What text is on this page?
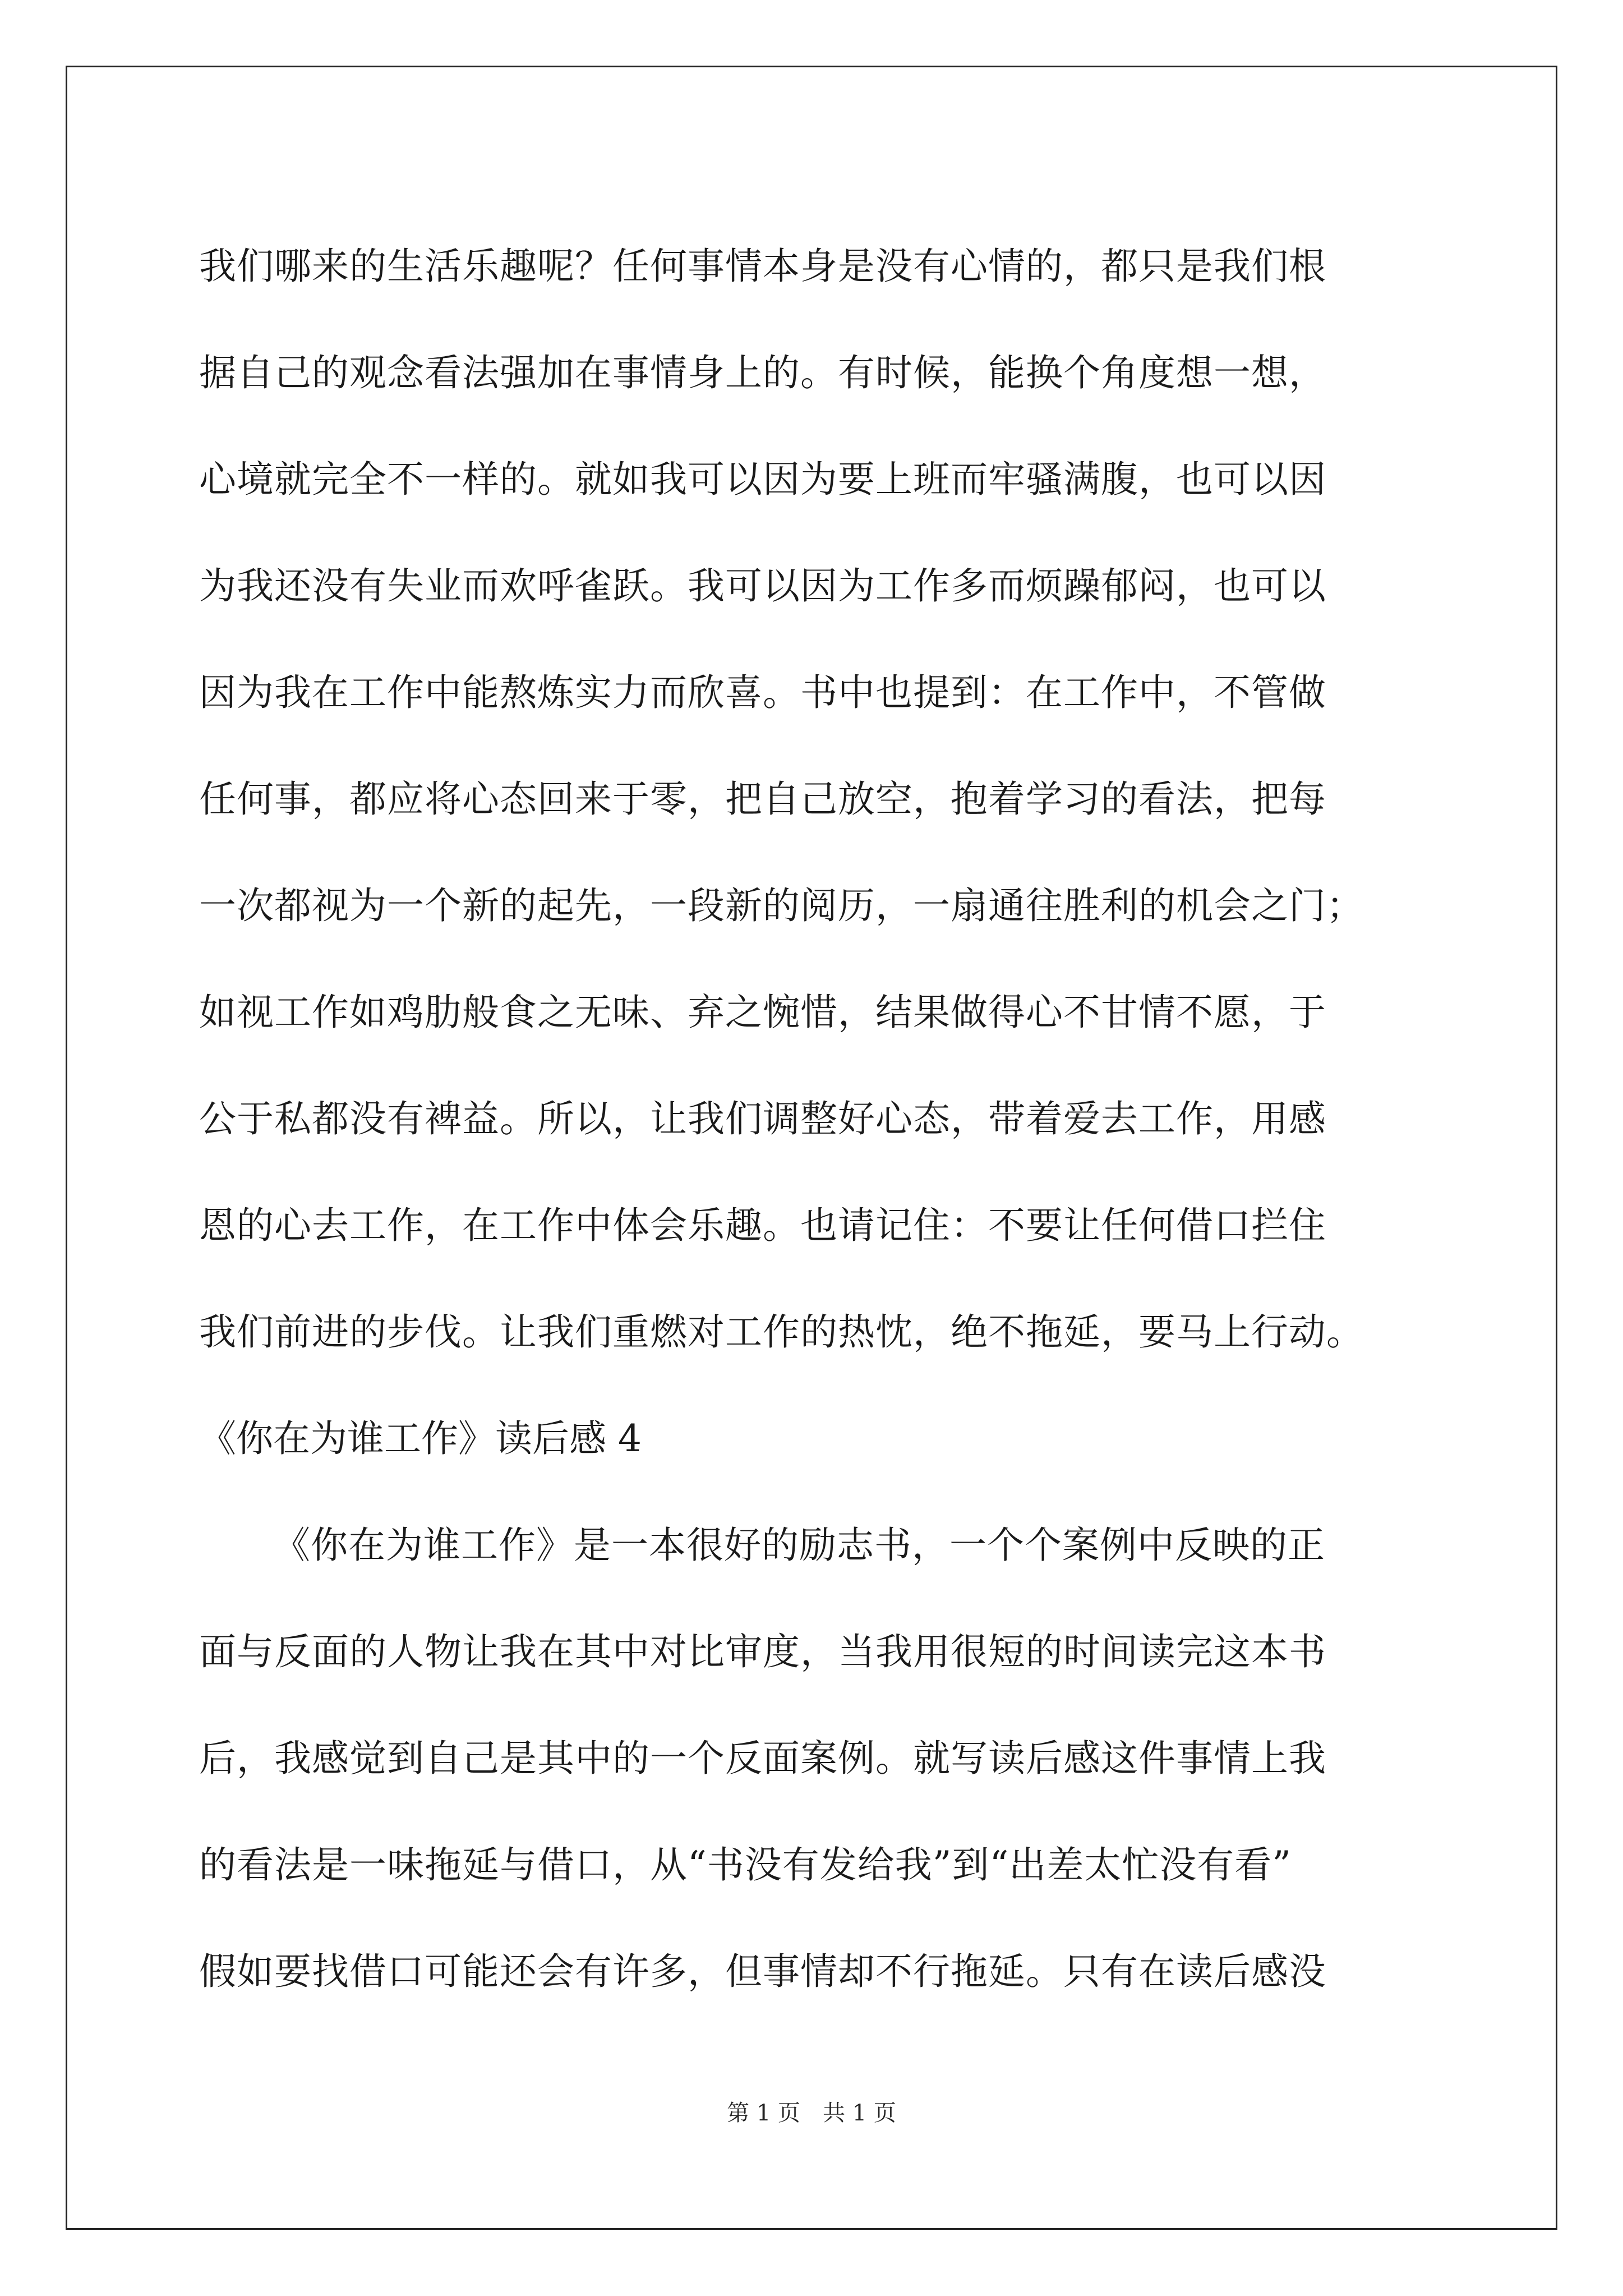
我们哪来的生活乐趣呢？任何事情本身是没有心情的，都只是我们根
据自己的观念看法强加在事情身上的。有时候，能换个角度想一想，
心境就完全不一样的。就如我可以因为要上班而牢骚满腹，也可以因
为我还没有失业而欢呼雀跃。我可以因为工作多而烦躁郁闷，也可以
因为我在工作中能熬炼实力而欣喜。书中也提到：在工作中，不管做
任何事，都应将心态回来于零，把自己放空，抱着学习的看法，把每
一次都视为一个新的起先，一段新的阅历，一扇通往胜利的机会之门；
如视工作如鸡肋般食之无味、弃之惋惜，结果做得心不甘情不愿，于
公于私都没有裨益。所以，让我们调整好心态，带着爱去工作，用感
恩的心去工作，在工作中体会乐趣。也请记住：不要让任何借口拦住
我们前进的步伐。让我们重燃对工作的热忱，绝不拖延，要马上行动。
《你在为谁工作》读后感 4
《你在为谁工作》是一本很好的励志书，一个个案例中反映的正
面与反面的人物让我在其中对比审度，当我用很短的时间读完这本书
后，我感觉到自己是其中的一个反面案例。就写读后感这件事情上我
的看法是一味拖延与借口，从“书没有发给我”到“出差太忙没有看”
假如要找借口可能还会有许多，但事情却不行拖延。只有在读后感没
第 1 页 共 1 页
